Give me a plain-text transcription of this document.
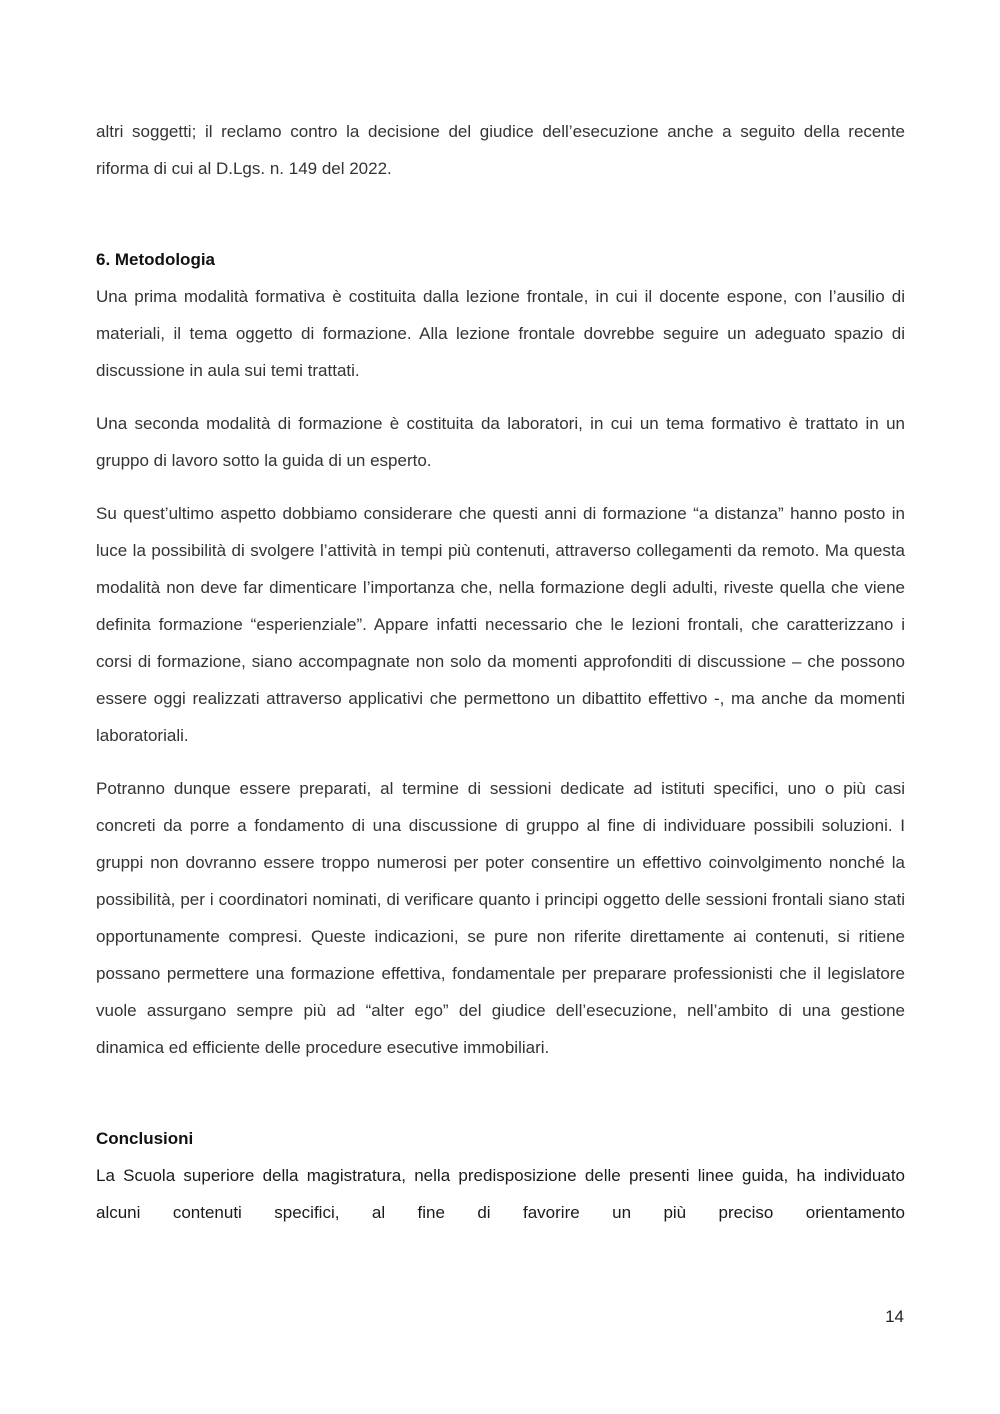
altri soggetti; il reclamo contro la decisione del giudice dell’esecuzione anche a seguito della recente riforma di cui al D.Lgs. n. 149 del 2022.

6. Metodologia

Una prima modalità formativa è costituita dalla lezione frontale, in cui il docente espone, con l’ausilio di materiali, il tema oggetto di formazione. Alla lezione frontale dovrebbe seguire un adeguato spazio di discussione in aula sui temi trattati.

Una seconda modalità di formazione è costituita da laboratori, in cui un tema formativo è trattato in un gruppo di lavoro sotto la guida di un esperto.

Su quest’ultimo aspetto dobbiamo considerare che questi anni di formazione “a distanza” hanno posto in luce la possibilità di svolgere l’attività in tempi più contenuti, attraverso collegamenti da remoto. Ma questa modalità non deve far dimenticare l’importanza che, nella formazione degli adulti, riveste quella che viene definita formazione “esperienziale”. Appare infatti necessario che le lezioni frontali, che caratterizzano i corsi di formazione, siano accompagnate non solo da momenti approfonditi di discussione – che possono essere oggi realizzati attraverso applicativi che permettono un dibattito effettivo -, ma anche da momenti laboratoriali.

Potranno dunque essere preparati, al termine di sessioni dedicate ad istituti specifici, uno o più casi concreti da porre a fondamento di una discussione di gruppo al fine di individuare possibili soluzioni. I gruppi non dovranno essere troppo numerosi per poter consentire un effettivo coinvolgimento nonché la possibilità, per i coordinatori nominati, di verificare quanto i principi oggetto delle sessioni frontali siano stati opportunamente compresi. Queste indicazioni, se pure non riferite direttamente ai contenuti, si ritiene possano permettere una formazione effettiva, fondamentale per preparare professionisti che il legislatore vuole assurgano sempre più ad “alter ego” del giudice dell’esecuzione, nell’ambito di una gestione dinamica ed efficiente delle procedure esecutive immobiliari.

Conclusioni

La Scuola superiore della magistratura, nella predisposizione delle presenti linee guida, ha individuato alcuni contenuti specifici, al fine di favorire un più preciso orientamento

14
